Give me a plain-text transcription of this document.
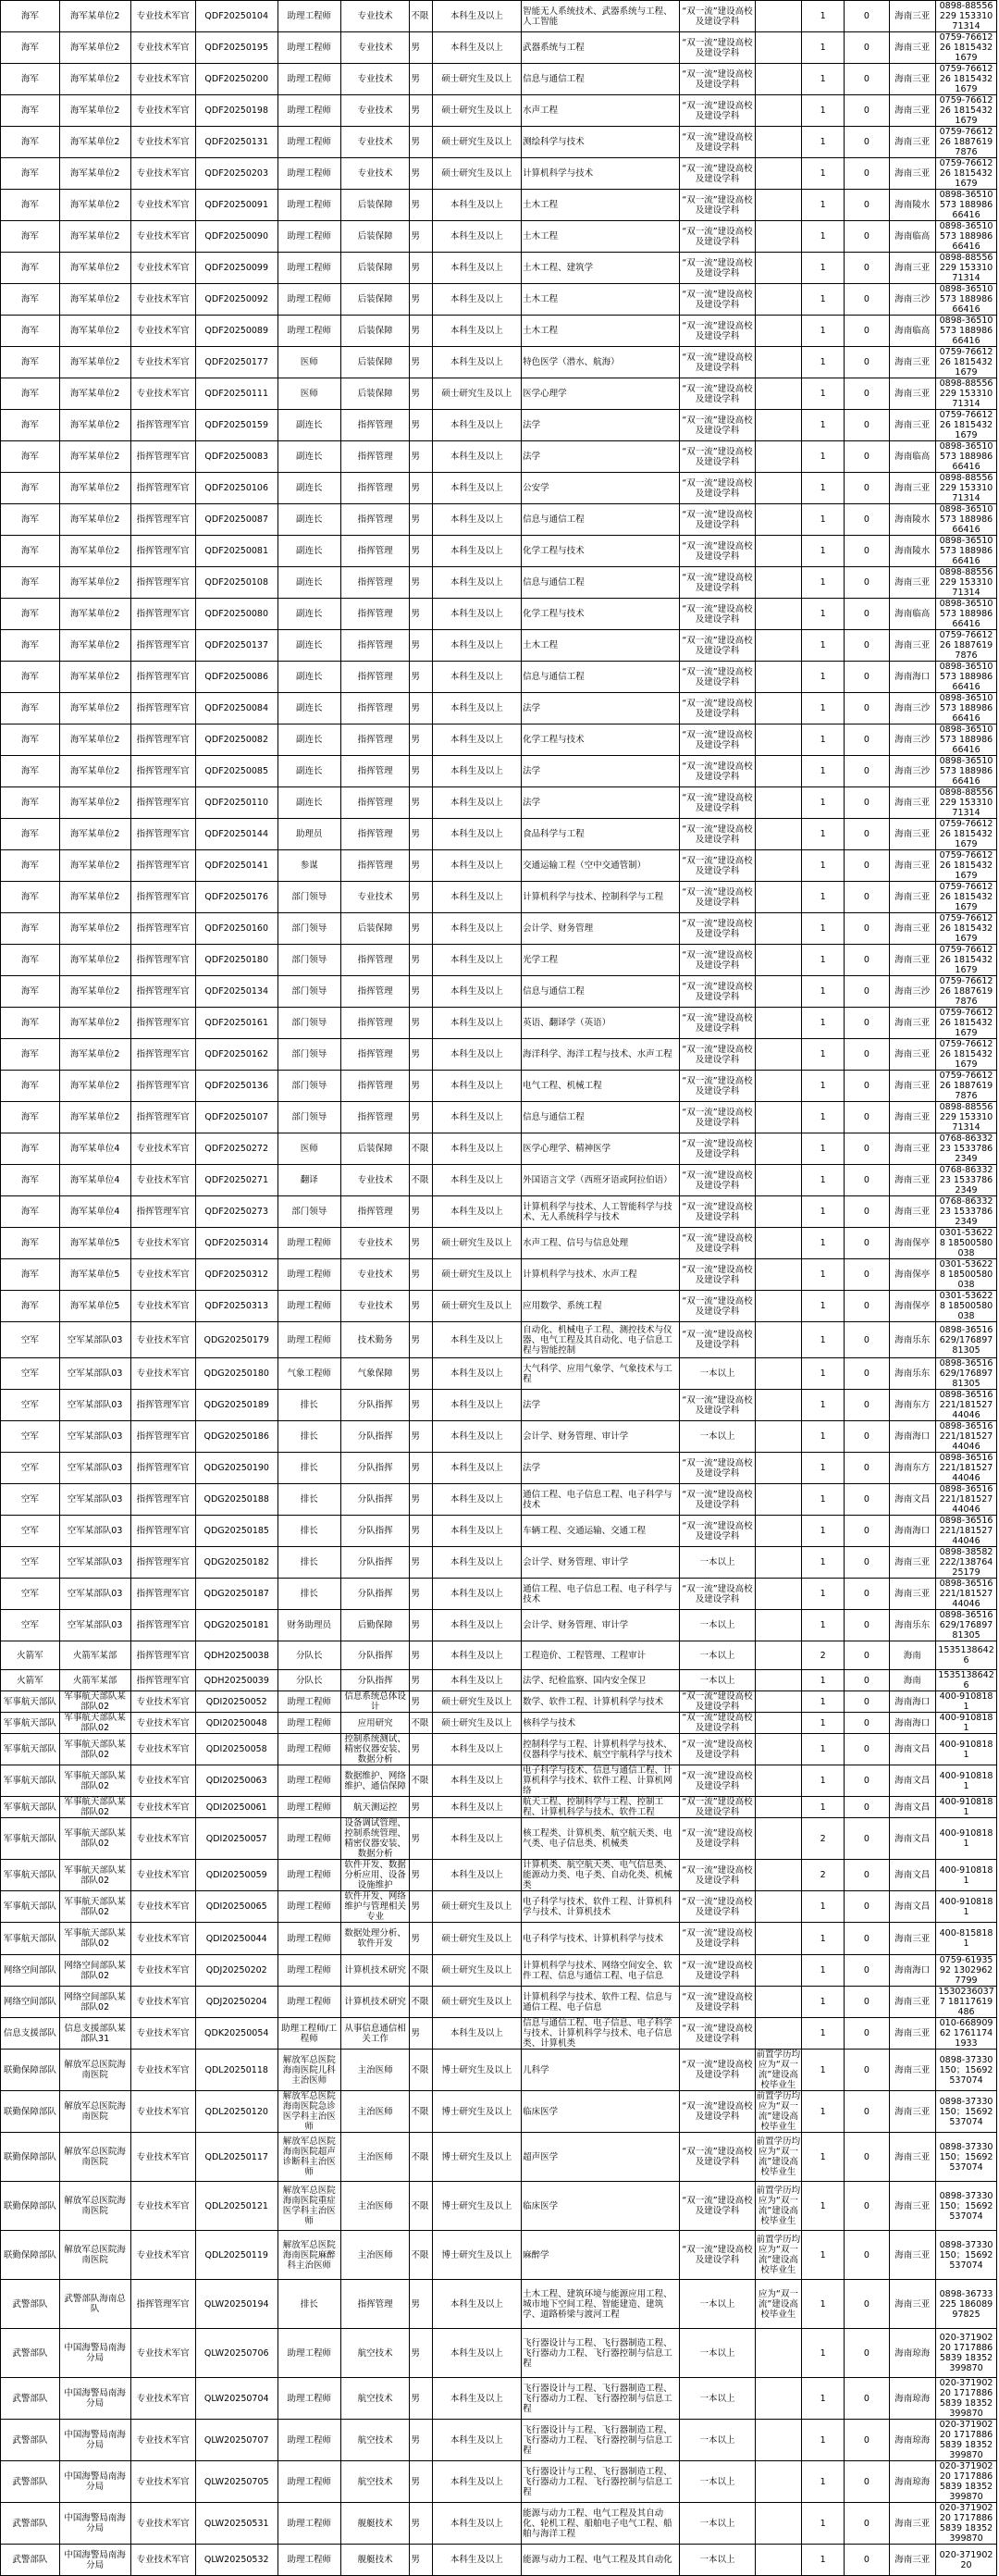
海军	海军某单位2	专业技术军官	QDF20250104	助理工程师	专业技术	不限	本科生及以上	智能无人系统技术、武器系统与工程、人工智能	“双一流”建设高校及建设学科		1	0	海南三亚	0898-88556229 15331071314
海军	海军某单位2	专业技术军官	QDF20250195	助理工程师	专业技术	男	本科生及以上	武器系统与工程	“双一流”建设高校及建设学科		1	0	海南三亚	0759-7661226 18154321679
海军	海军某单位2	专业技术军官	QDF20250200	助理工程师	专业技术	男	硕士研究生及以上	信息与通信工程	“双一流”建设高校及建设学科		1	0	海南三亚	0759-7661226 18154321679
海军	海军某单位2	专业技术军官	QDF20250198	助理工程师	专业技术	男	硕士研究生及以上	水声工程	“双一流”建设高校及建设学科		1	0	海南三亚	0759-7661226 18154321679
海军	海军某单位2	专业技术军官	QDF20250131	助理工程师	专业技术	男	硕士研究生及以上	测绘科学与技术	“双一流”建设高校及建设学科		1	0	海南三亚	0759-7661226 18876197876
海军	海军某单位2	专业技术军官	QDF20250203	助理工程师	专业技术	男	硕士研究生及以上	计算机科学与技术	“双一流”建设高校及建设学科		1	0	海南三亚	0759-7661226 18154321679
海军	海军某单位2	专业技术军官	QDF20250091	助理工程师	后装保障	男	本科生及以上	土木工程	“双一流”建设高校及建设学科		1	0	海南陵水	0898-36510573 18898666416
海军	海军某单位2	专业技术军官	QDF20250090	助理工程师	后装保障	男	本科生及以上	土木工程	“双一流”建设高校及建设学科		1	0	海南临高	0898-36510573 18898666416
海军	海军某单位2	专业技术军官	QDF20250099	助理工程师	后装保障	男	本科生及以上	土木工程、建筑学	“双一流”建设高校及建设学科		1	0	海南三亚	0898-88556229 15331071314
海军	海军某单位2	专业技术军官	QDF20250092	助理工程师	后装保障	男	本科生及以上	土木工程	“双一流”建设高校及建设学科		1	0	海南三沙	0898-36510573 18898666416
海军	海军某单位2	专业技术军官	QDF20250089	助理工程师	后装保障	男	本科生及以上	土木工程	“双一流”建设高校及建设学科		1	0	海南临高	0898-36510573 18898666416
海军	海军某单位2	专业技术军官	QDF20250177	医师	后装保障	男	本科生及以上	特色医学（潜水、航海）	“双一流”建设高校及建设学科		1	0	海南三亚	0759-7661226 18154321679
海军	海军某单位2	专业技术军官	QDF20250111	医师	后装保障	男	硕士研究生及以上	医学心理学	“双一流”建设高校及建设学科		1	0	海南三亚	0898-88556229 15331071314
海军	海军某单位2	指挥管理军官	QDF20250159	副连长	指挥管理	男	本科生及以上	法学	“双一流”建设高校及建设学科		1	0	海南三亚	0759-7661226 18154321679
海军	海军某单位2	指挥管理军官	QDF20250083	副连长	指挥管理	男	本科生及以上	法学	“双一流”建设高校及建设学科		1	0	海南临高	0898-36510573 18898666416
海军	海军某单位2	指挥管理军官	QDF20250106	副连长	指挥管理	男	本科生及以上	公安学	“双一流”建设高校及建设学科		1	0	海南三亚	0898-88556229 15331071314
海军	海军某单位2	指挥管理军官	QDF20250087	副连长	指挥管理	男	本科生及以上	信息与通信工程	“双一流”建设高校及建设学科		1	0	海南陵水	0898-36510573 18898666416
海军	海军某单位2	指挥管理军官	QDF20250081	副连长	指挥管理	男	本科生及以上	化学工程与技术	“双一流”建设高校及建设学科		1	0	海南陵水	0898-36510573 18898666416
海军	海军某单位2	指挥管理军官	QDF20250108	副连长	指挥管理	男	本科生及以上	信息与通信工程	“双一流”建设高校及建设学科		1	0	海南三亚	0898-88556229 15331071314
海军	海军某单位2	指挥管理军官	QDF20250080	副连长	指挥管理	男	本科生及以上	化学工程与技术	“双一流”建设高校及建设学科		1	0	海南临高	0898-36510573 18898666416
海军	海军某单位2	指挥管理军官	QDF20250137	副连长	指挥管理	男	本科生及以上	土木工程	“双一流”建设高校及建设学科		1	0	海南三亚	0759-7661226 18876197876
海军	海军某单位2	指挥管理军官	QDF20250086	副连长	指挥管理	男	本科生及以上	信息与通信工程	“双一流”建设高校及建设学科		1	0	海南海口	0898-36510573 18898666416
海军	海军某单位2	指挥管理军官	QDF20250084	副连长	指挥管理	男	本科生及以上	法学	“双一流”建设高校及建设学科		1	0	海南三沙	0898-36510573 18898666416
海军	海军某单位2	指挥管理军官	QDF20250082	副连长	指挥管理	男	本科生及以上	化学工程与技术	“双一流”建设高校及建设学科		1	0	海南三沙	0898-36510573 18898666416
海军	海军某单位2	指挥管理军官	QDF20250085	副连长	指挥管理	男	本科生及以上	法学	“双一流”建设高校及建设学科		1	0	海南三沙	0898-36510573 18898666416
海军	海军某单位2	指挥管理军官	QDF20250110	副连长	指挥管理	男	本科生及以上	法学	“双一流”建设高校及建设学科		1	0	海南三亚	0898-88556229 15331071314
海军	海军某单位2	指挥管理军官	QDF20250144	助理员	指挥管理	男	本科生及以上	食品科学与工程	“双一流”建设高校及建设学科		1	0	海南三亚	0759-7661226 18154321679
海军	海军某单位2	指挥管理军官	QDF20250141	参谋	指挥管理	男	本科生及以上	交通运输工程（空中交通管制）	“双一流”建设高校及建设学科		1	0	海南三亚	0759-7661226 18154321679
海军	海军某单位2	指挥管理军官	QDF20250176	部门领导	专业技术	男	本科生及以上	计算机科学与技术、控制科学与工程	“双一流”建设高校及建设学科		1	0	海南三亚	0759-7661226 18154321679
海军	海军某单位2	指挥管理军官	QDF20250160	部门领导	后装保障	男	本科生及以上	会计学、财务管理	“双一流”建设高校及建设学科		1	0	海南三亚	0759-7661226 18154321679
海军	海军某单位2	指挥管理军官	QDF20250180	部门领导	指挥管理	男	本科生及以上	光学工程	“双一流”建设高校及建设学科		1	0	海南三亚	0759-7661226 18154321679
海军	海军某单位2	指挥管理军官	QDF20250134	部门领导	指挥管理	男	本科生及以上	信息与通信工程	“双一流”建设高校及建设学科		1	0	海南三沙	0759-7661226 18876197876
海军	海军某单位2	指挥管理军官	QDF20250161	部门领导	指挥管理	男	本科生及以上	英语、翻译学（英语）	“双一流”建设高校及建设学科		1	0	海南三亚	0759-7661226 18154321679
海军	海军某单位2	指挥管理军官	QDF20250162	部门领导	指挥管理	男	本科生及以上	海洋科学、海洋工程与技术、水声工程	“双一流”建设高校及建设学科		1	0	海南三亚	0759-7661226 18154321679
海军	海军某单位2	指挥管理军官	QDF20250136	部门领导	指挥管理	男	本科生及以上	电气工程、机械工程	“双一流”建设高校及建设学科		1	0	海南三亚	0759-7661226 18876197876
海军	海军某单位2	指挥管理军官	QDF20250107	部门领导	指挥管理	男	本科生及以上	信息与通信工程	“双一流”建设高校及建设学科		1	0	海南三亚	0898-88556229 15331071314
海军	海军某单位4	专业技术军官	QDF20250272	医师	后装保障	不限	本科生及以上	医学心理学、精神医学	“双一流”建设高校及建设学科		1	0	海南三亚	0768-8633223 15337862349
海军	海军某单位4	专业技术军官	QDF20250271	翻译	专业技术	不限	本科生及以上	外国语言文学（西班牙语或阿拉伯语）	“双一流”建设高校及建设学科		1	0	海南三亚	0768-8633223 15337862349
海军	海军某单位4	指挥管理军官	QDF20250273	部门领导	指挥管理	男	本科生及以上	计算机科学与技术、人工智能科学与技术、无人系统科学与技术	“双一流”建设高校及建设学科		1	0	海南三亚	0768-8633223 15337862349
海军	海军某单位5	专业技术军官	QDF20250314	助理工程师	专业技术	男	硕士研究生及以上	水声工程、信号与信息处理	“双一流”建设高校及建设学科		1	0	海南保亭	0301-536228 18500580038
海军	海军某单位5	专业技术军官	QDF20250312	助理工程师	专业技术	男	硕士研究生及以上	计算机科学与技术、水声工程	“双一流”建设高校及建设学科		1	0	海南保亭	0301-536228 18500580038
海军	海军某单位5	专业技术军官	QDF20250313	助理工程师	专业技术	男	硕士研究生及以上	应用数学、系统工程	“双一流”建设高校及建设学科		1	0	海南保亭	0301-536228 18500580038
空军	空军某部队03	专业技术军官	QDG20250179	助理工程师	技术勤务	男	本科生及以上	自动化、机械电子工程、测控技术与仪器、电气工程及其自动化、电子信息工程与智能控制	“双一流”建设高校及建设学科		1	0	海南乐东	0898-36516629/17689781305
空军	空军某部队03	专业技术军官	QDG20250180	气象工程师	气象保障	男	本科生及以上	大气科学、应用气象学、气象技术与工程	一本以上		1	0	海南乐东	0898-36516629/17689781305
空军	空军某部队03	指挥管理军官	QDG20250189	排长	分队指挥	男	本科生及以上	法学	“双一流”建设高校及建设学科		1	0	海南东方	0898-36516221/18152744046
空军	空军某部队03	指挥管理军官	QDG20250186	排长	分队指挥	男	本科生及以上	会计学、财务管理、审计学	一本以上		1	0	海南海口	0898-36516221/18152744046
空军	空军某部队03	指挥管理军官	QDG20250190	排长	分队指挥	男	本科生及以上	法学	“双一流”建设高校及建设学科		1	0	海南东方	0898-36516221/18152744046
空军	空军某部队03	指挥管理军官	QDG20250188	排长	分队指挥	男	本科生及以上	通信工程、电子信息工程、电子科学与技术	“双一流”建设高校及建设学科		1	0	海南文昌	0898-36516221/18152744046
空军	空军某部队03	指挥管理军官	QDG20250185	排长	分队指挥	男	本科生及以上	车辆工程、交通运输、交通工程	“双一流”建设高校及建设学科		1	0	海南海口	0898-36516221/18152744046
空军	空军某部队03	指挥管理军官	QDG20250182	排长	分队指挥	男	本科生及以上	会计学、财务管理、审计学	一本以上		1	0	海南三亚	0898-38582222/13876425179
空军	空军某部队03	指挥管理军官	QDG20250187	排长	分队指挥	男	本科生及以上	通信工程、电子信息工程、电子科学与技术	“双一流”建设高校及建设学科		1	0	海南三亚	0898-36516221/18152744046
空军	空军某部队03	指挥管理军官	QDG20250181	财务助理员	后勤保障	男	本科生及以上	会计学、财务管理、审计学	一本以上		1	0	海南乐东	0898-36516629/17689781305
火箭军	火箭军某部	指挥管理军官	QDH20250038	分队长	分队指挥	男	本科生及以上	工程造价、工程管理、工程审计	一本以上		2	0	海南	15351386426
火箭军	火箭军某部	指挥管理军官	QDH20250039	分队长	分队指挥	男	本科生及以上	法学、纪检监察、国内安全保卫	一本以上		1	0	海南	15351386426
军事航天部队	军事航天部队某部队02	专业技术军官	QDI20250052	助理工程师	信息系统总体设计	男	硕士研究生及以上	数学、软件工程、计算机科学与技术	“双一流”建设高校及建设学科		1	0	海南海口	400-9108181
军事航天部队	军事航天部队某部队02	专业技术军官	QDI20250048	助理工程师	应用研究	不限	硕士研究生及以上	核科学与技术	“双一流”建设高校及建设学科		1	0	海南海口	400-9108181
军事航天部队	军事航天部队某部队02	专业技术军官	QDI20250058	助理工程师	控制系统测试、精密仪器安装、数据分析	男	本科生及以上	控制科学与工程、计算机科学与技术、仪器科学与技术、航空宇航科学与技术	“双一流”建设高校及建设学科		1	0	海南文昌	400-9108181
军事航天部队	军事航天部队某部队02	专业技术军官	QDI20250063	助理工程师	数据维护、网络维护、通信保障	不限	本科生及以上	电子科学与技术、信息与通信工程、计算机科学与技术、软件工程、计算机网络	“双一流”建设高校及建设学科		1	0	海南文昌	400-9108181
军事航天部队	军事航天部队某部队02	专业技术军官	QDI20250061	助理工程师	航天测运控	男	本科生及以上	航天工程、控制科学与工程、控制工程、计算机科学与技术、软件工程	“双一流”建设高校及建设学科		1	0	海南文昌	400-9108181
军事航天部队	军事航天部队某部队02	专业技术军官	QDI20250057	助理工程师	设备调试管理、控制系统管理、精密仪器安装、数据分析	男	本科生及以上	核工程类、计算机类、航空航天类、电气类、电子信息类、机械类	“双一流”建设高校及建设学科		2	0	海南文昌	400-9108181
军事航天部队	军事航天部队某部队02	专业技术军官	QDI20250059	助理工程师	软件开发、数据分析应用、设备设施维护	男	本科生及以上	计算机类、航空航天类、电气信息类、能源动力类、电子类、自动化类、机械类	“双一流”建设高校及建设学科		2	0	海南文昌	400-9108181
军事航天部队	军事航天部队某部队02	专业技术军官	QDI20250065	助理工程师	软件开发、网络维护与管理相关专业	男	硕士研究生及以上	电子科学与技术、软件工程、计算机科学与技术、计算机技术	“双一流”建设高校及建设学科		1	0	海南文昌	400-9108181
军事航天部队	军事航天部队某部队02	专业技术军官	QDI20250044	助理工程师	数据处理分析、软件开发	男	硕士研究生及以上	电子科学与技术、计算机科学与技术	“双一流”建设高校及建设学科		1	0	海南三亚	400-8158181
网络空间部队	网络空间部队某部队02	专业技术军官	QDJ20250202	助理工程师	计算机技术研究	不限	硕士研究生及以上	计算机科学与技术、网络空间安全、软件工程、信息与通信工程、电子信息	“双一流”建设高校及建设学科		1	0	海南海口	0759-6193592 13029627799
网络空间部队	网络空间部队某部队02	专业技术军官	QDJ20250204	助理工程师	计算机技术研究	不限	硕士研究生及以上	计算机科学与技术、软件工程、信息与通信工程、电子信息	“双一流”建设高校及建设学科		1	0	海南三亚	15302360377 18117619486
信息支援部队	信息支援部队某部队31	专业技术军官	QDK20250054	助理工程师/工程师	从事信息通信相关工作	男	本科生及以上	信息与通信工程、电子信息、电子科学与技术、计算机科学与技术、电子信息类、计算机类	“双一流”建设高校及建设学科		1	0	海南三亚	010-66890962 17611741933
联勤保障部队	解放军总医院海南医院	专业技术军官	QDL20250118	解放军总医院海南医院儿科主治医师	主治医师	不限	博士研究生及以上	儿科学	“双一流”建设高校及建设学科	前置学历均应为“双一流”建设高校毕业生	1	0	海南三亚	0898-37330150；15692537074
联勤保障部队	解放军总医院海南医院	专业技术军官	QDL20250120	解放军总医院海南医院急诊医学科主治医师	主治医师	不限	博士研究生及以上	临床医学	“双一流”建设高校及建设学科	前置学历均应为“双一流”建设高校毕业生	1	0	海南三亚	0898-37330150；15692537074
联勤保障部队	解放军总医院海南医院	专业技术军官	QDL20250117	解放军总医院海南医院超声诊断科主治医师	主治医师	不限	博士研究生及以上	超声医学	“双一流”建设高校及建设学科	前置学历均应为“双一流”建设高校毕业生	1	0	海南三亚	0898-37330150；15692537074
联勤保障部队	解放军总医院海南医院	专业技术军官	QDL20250121	解放军总医院海南医院重症医学科主治医师	主治医师	不限	博士研究生及以上	临床医学	“双一流”建设高校及建设学科	前置学历均应为“双一流”建设高校毕业生	1	0	海南三亚	0898-37330150；15692537074
联勤保障部队	解放军总医院海南医院	专业技术军官	QDL20250119	解放军总医院海南医院麻醉科主治医师	主治医师	不限	博士研究生及以上	麻醉学	“双一流”建设高校及建设学科	前置学历均应为“双一流”建设高校毕业生	1	0	海南三亚	0898-37330150；15692537074
武警部队	武警部队海南总队	指挥管理军官	QLW20250194	排长	指挥管理	男	本科生及以上	土木工程、建筑环境与能源应用工程、城市地下空间工程、智能建造、建筑学、道路桥梁与渡河工程	一本以上	应为“双一流”建设高校毕业生	1	0	海南三亚	0898-36733225 18608997825
武警部队	中国海警局南海分局	专业技术军官	QLW20250706	助理工程师	航空技术	男	本科生及以上	飞行器设计与工程、飞行器制造工程、飞行器动力工程、飞行器控制与信息工程	一本以上		1	0	海南琼海	020-37190220 17178865839 18352399870
武警部队	中国海警局南海分局	专业技术军官	QLW20250704	助理工程师	航空技术	男	本科生及以上	飞行器设计与工程、飞行器制造工程、飞行器动力工程、飞行器控制与信息工程	一本以上		1	0	海南琼海	020-37190220 17178865839 18352399870
武警部队	中国海警局南海分局	专业技术军官	QLW20250707	助理工程师	航空技术	男	本科生及以上	飞行器设计与工程、飞行器制造工程、飞行器动力工程、飞行器控制与信息工程	一本以上		1	0	海南琼海	020-37190220 17178865839 18352399870
武警部队	中国海警局南海分局	专业技术军官	QLW20250705	助理工程师	航空技术	男	本科生及以上	飞行器设计与工程、飞行器制造工程、飞行器动力工程、飞行器控制与信息工程	一本以上		1	0	海南琼海	020-37190220 17178865839 18352399870
武警部队	中国海警局南海分局	专业技术军官	QLW20250531	助理工程师	舰艇技术	男	本科生及以上	能源与动力工程、电气工程及其自动化、轮机工程、船舶电子电气工程、船舶与海洋工程	一本以上		1	0	海南三亚	020-37190220 17178865839 18352399870
武警部队	中国海警局南海分局	专业技术军官	QLW20250532	助理工程师	舰艇技术	男	本科生及以上	能源与动力工程、电气工程及其自动化	一本以上		1	0	海南三亚	020-37190220
